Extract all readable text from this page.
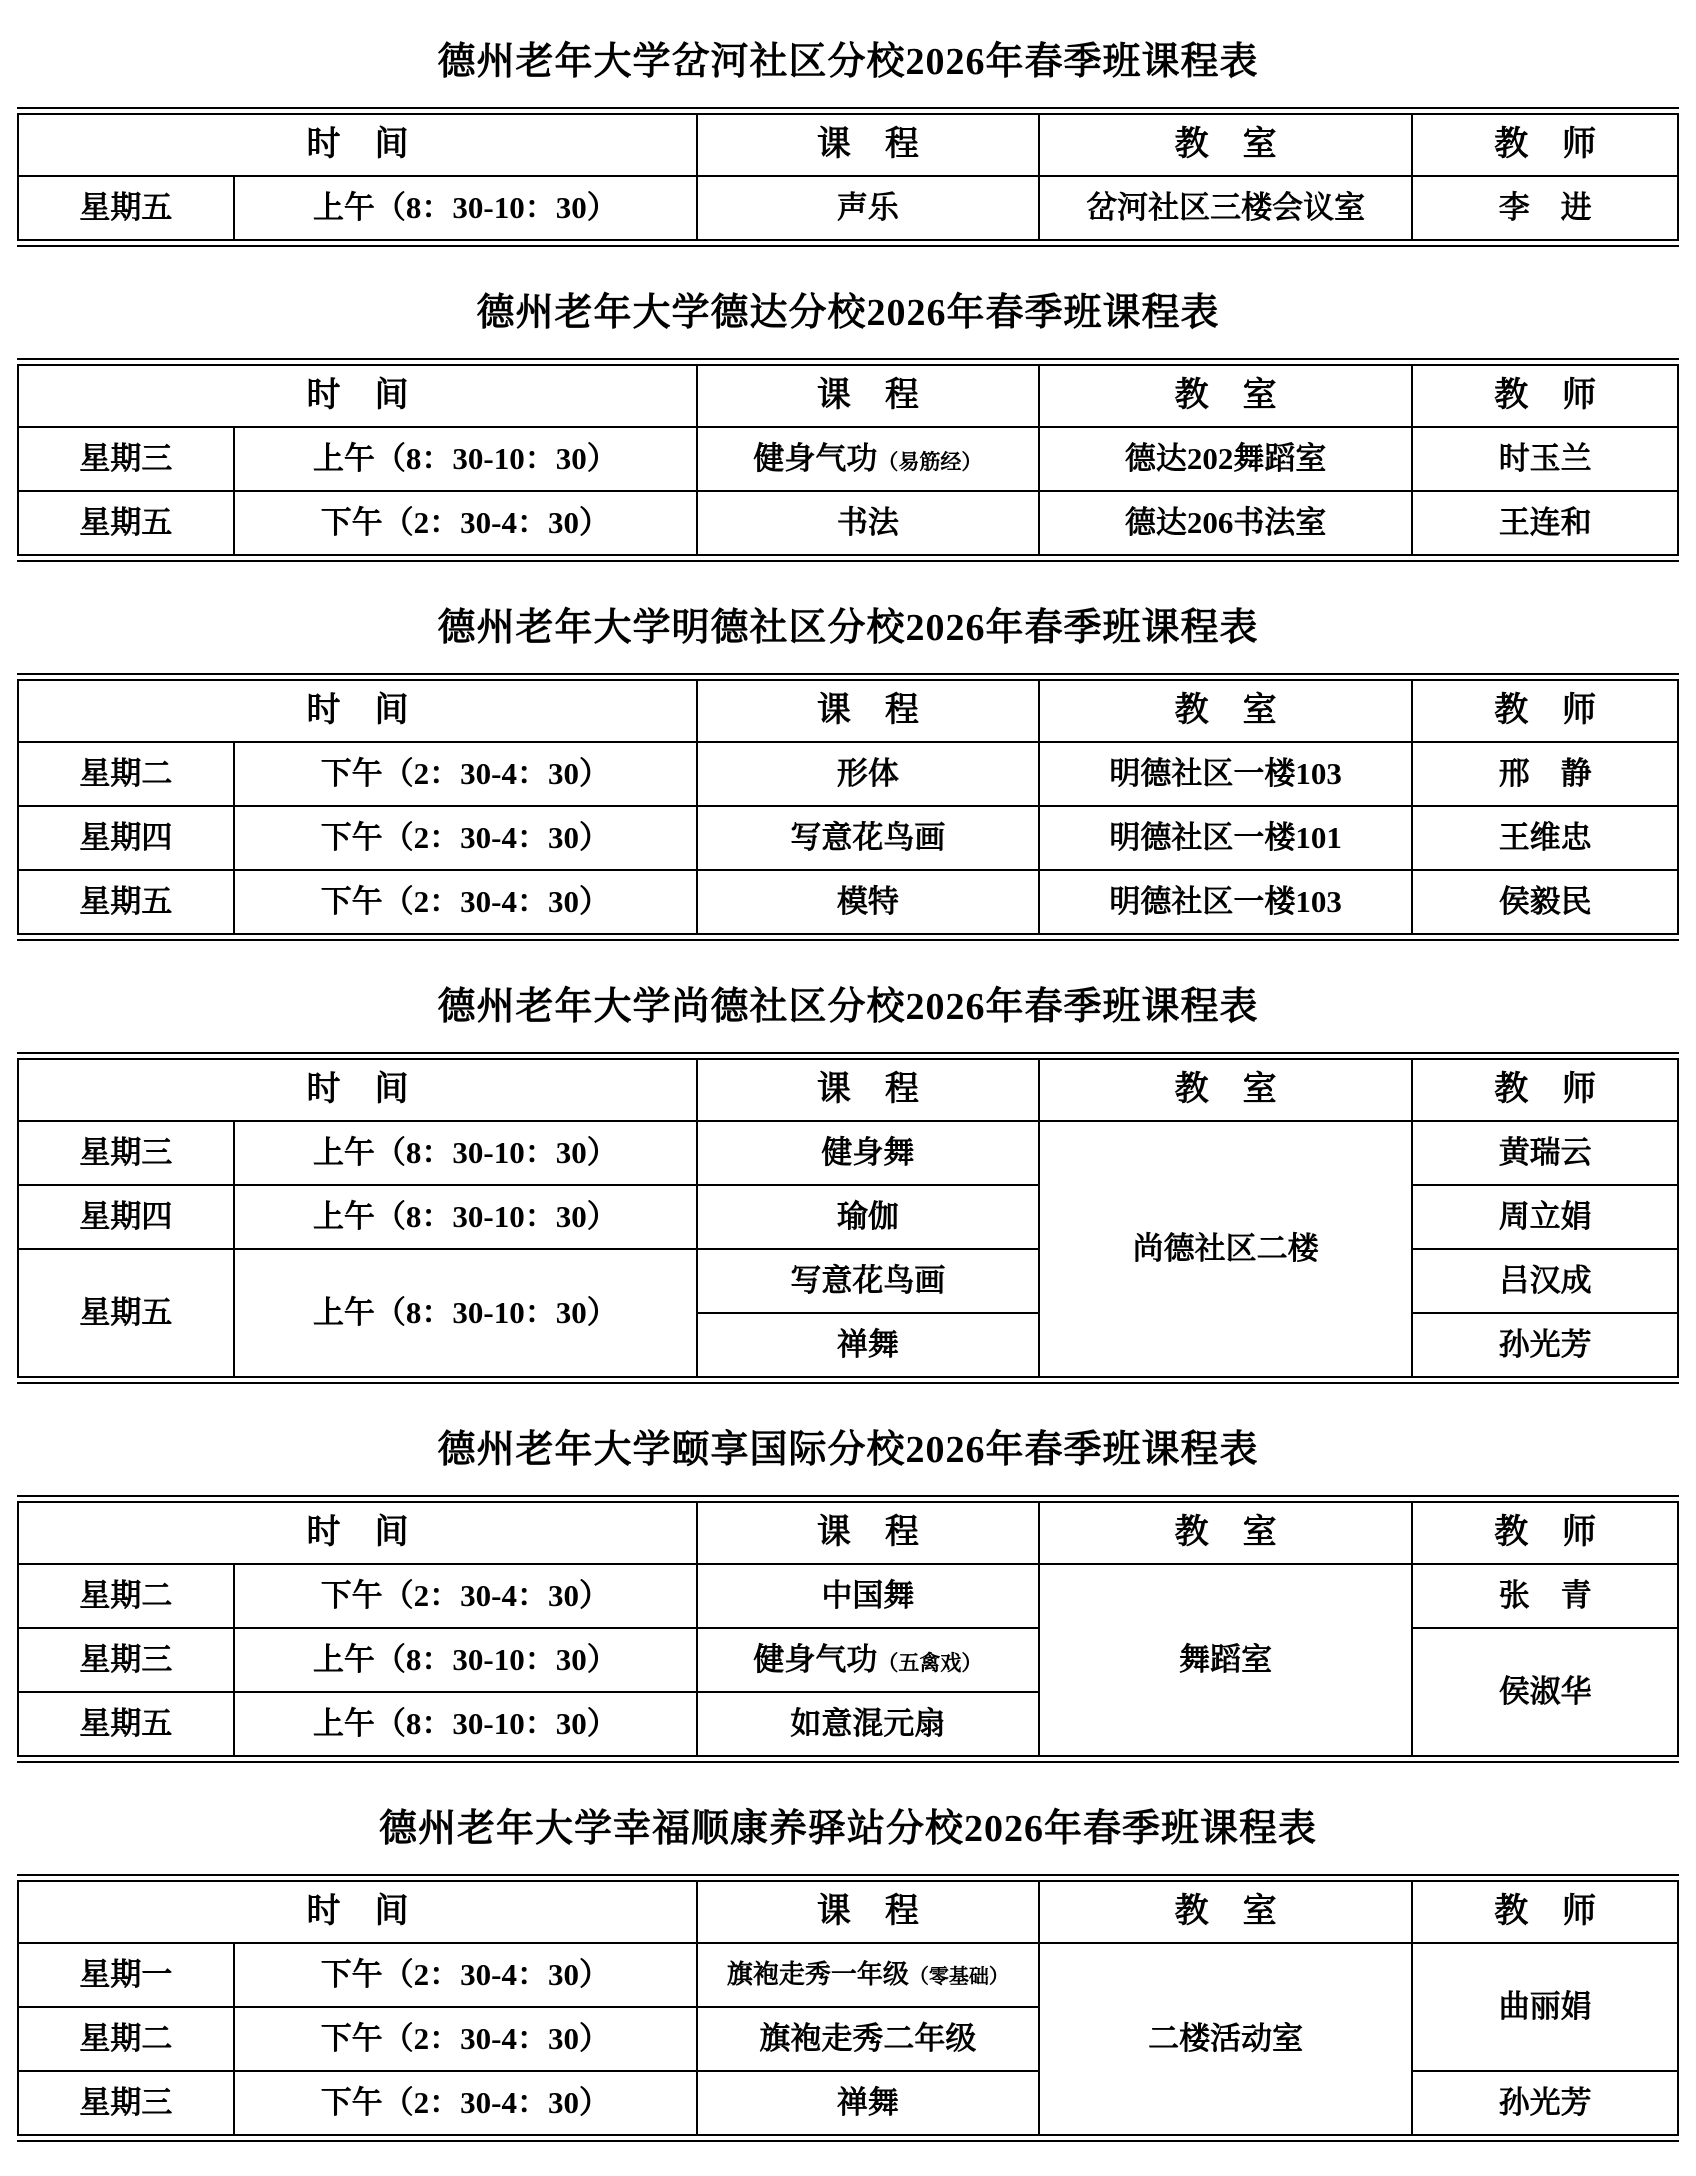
德州老年大学岔河社区分校2026年春季班课程表
时　间		课　程	教　室	教　师
星期五	上午（8：30-10：30）	声乐	岔河社区三楼会议室	李　进
德州老年大学德达分校2026年春季班课程表
时　间		课　程	教　室	教　师
星期三	上午（8：30-10：30）	健身气功（易筋经）	德达202舞蹈室	时玉兰
星期五	下午（2：30-4：30）	书法	德达206书法室	王连和
德州老年大学明德社区分校2026年春季班课程表
时　间		课　程	教　室	教　师
星期二	下午（2：30-4：30）	形体	明德社区一楼103	邢　静
星期四	下午（2：30-4：30）	写意花鸟画	明德社区一楼101	王维忠
星期五	下午（2：30-4：30）	模特	明德社区一楼103	侯毅民
德州老年大学尚德社区分校2026年春季班课程表
时　间		课　程	教　室	教　师
星期三	上午（8：30-10：30）	健身舞	尚德社区二楼	黄瑞云
星期四	上午（8：30-10：30）	瑜伽		周立娟
星期五	上午（8：30-10：30）	写意花鸟画		吕汉成
		禅舞		孙光芳
德州老年大学颐享国际分校2026年春季班课程表
时　间		课　程	教　室	教　师
星期二	下午（2：30-4：30）	中国舞	舞蹈室	张　青
星期三	上午（8：30-10：30）	健身气功（五禽戏）		侯淑华
星期五	上午（8：30-10：30）	如意混元扇		
德州老年大学幸福顺康养驿站分校2026年春季班课程表
时　间		课　程	教　室	教　师
星期一	下午（2：30-4：30）	旗袍走秀一年级（零基础）	二楼活动室	曲丽娟
星期二	下午（2：30-4：30）	旗袍走秀二年级		
星期三	下午（2：30-4：30）	禅舞		孙光芳
